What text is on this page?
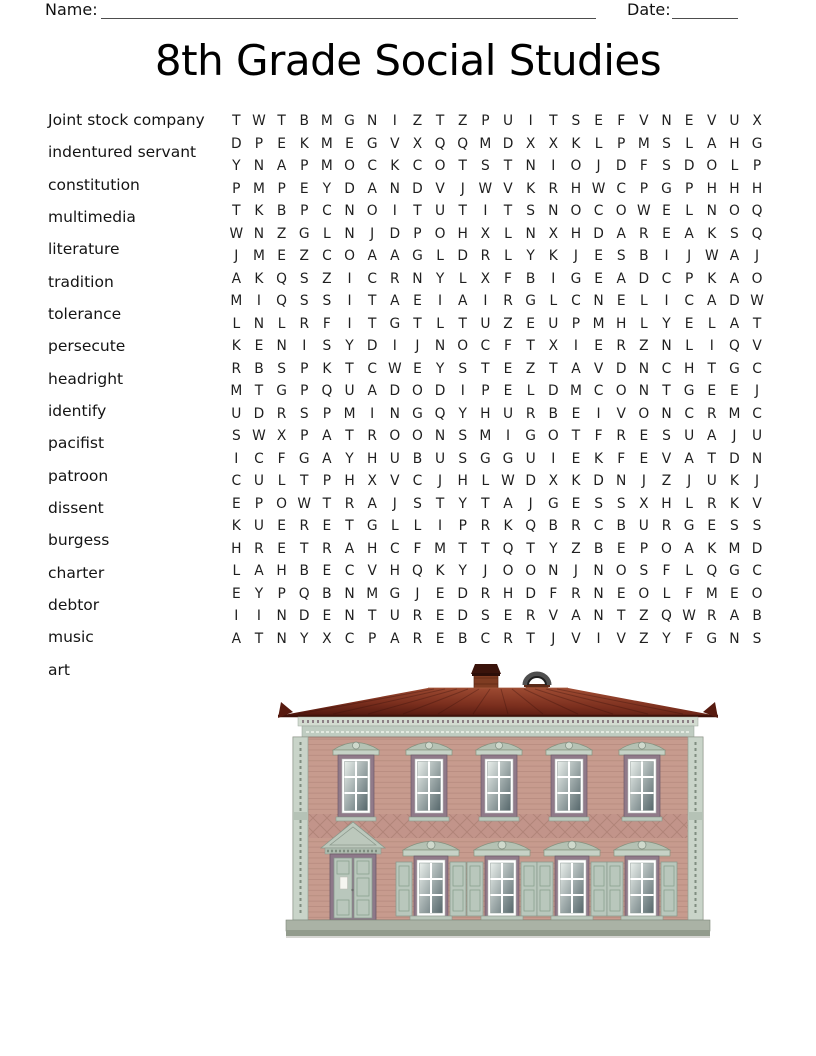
Name:	Date:
8th Grade Social Studies
Joint stock company
indentured servant
constitution
multimedia
literature
tradition
tolerance
persecute
headright
identify
pacifist
patroon
dissent
burgess
charter
debtor
music
art
T W T B M G N	I	Z T Z P U	I	T	S	E	F	V N E V U X
D P	E K M E G V X Q Q M D X X K	L	P M S	L	A H G
Y N A P M O C K C O T	S	T N	I	O	J	D F	S D O L	P
P M P	E	Y D A N D V	J W V K R H W C P G P H H H
T	K B P C N O	I	T U T	I	T	S N O C O W E	L N O Q
W N Z G L N	J	D P O H X	L N X H D A R E A K S Q
J	M E Z C O A A G L D R	L	Y	K	J	E	S B	I	J W A	J
A K Q S Z	I	C R N Y	L	X	F	B	I	G E A D C P	K A O
M	I	Q S	S	I	T A E	I	A	I	R G L	C N E	L	I	C A D W
L N L	R	F	I	T G T	L	T U Z E U P M H L	Y	E	L	A T
K E N	I	S	Y D	I	J	N O C	F	T X	I	E R Z N L	I	Q V
R B S	P	K	T C W E	Y	S	T	E Z T A V D N C H T G C
M T G P Q U A D O D	I	P	E	L D M C O N T G E	E	J
U D R S	P M	I	N G Q Y H U R B E	I	V O N C R M C
S W X P A T R O O N S M	I	G O T	F	R E	S U A	J	U
I	C	F G A Y H U B U S G G U	I	E K	F	E V A T D N
C U L	T	P H X V C	J	H L W D X K D N	J	Z	J	U K	J
E	P O W T R A	J	S	T	Y	T A	J	G E	S	S X H L	R K V
K U E R E	T G L	L	I	P R K Q B R C B U R G E	S	S
H R E	T R A H C	F M T	T Q T	Y Z B E	P O A K M D
L	A H B E C V H Q K	Y	J	O O N	J	N O S	F	L Q G C
E	Y	P Q B N M G	J	E D R H D F	R N E O L	F M E O
I	I	N D E N T U R E D S	E R V A N T Z Q W R A B
A T N Y X C P A R E B C R T	J	V	I	V Z Y	F G N S
